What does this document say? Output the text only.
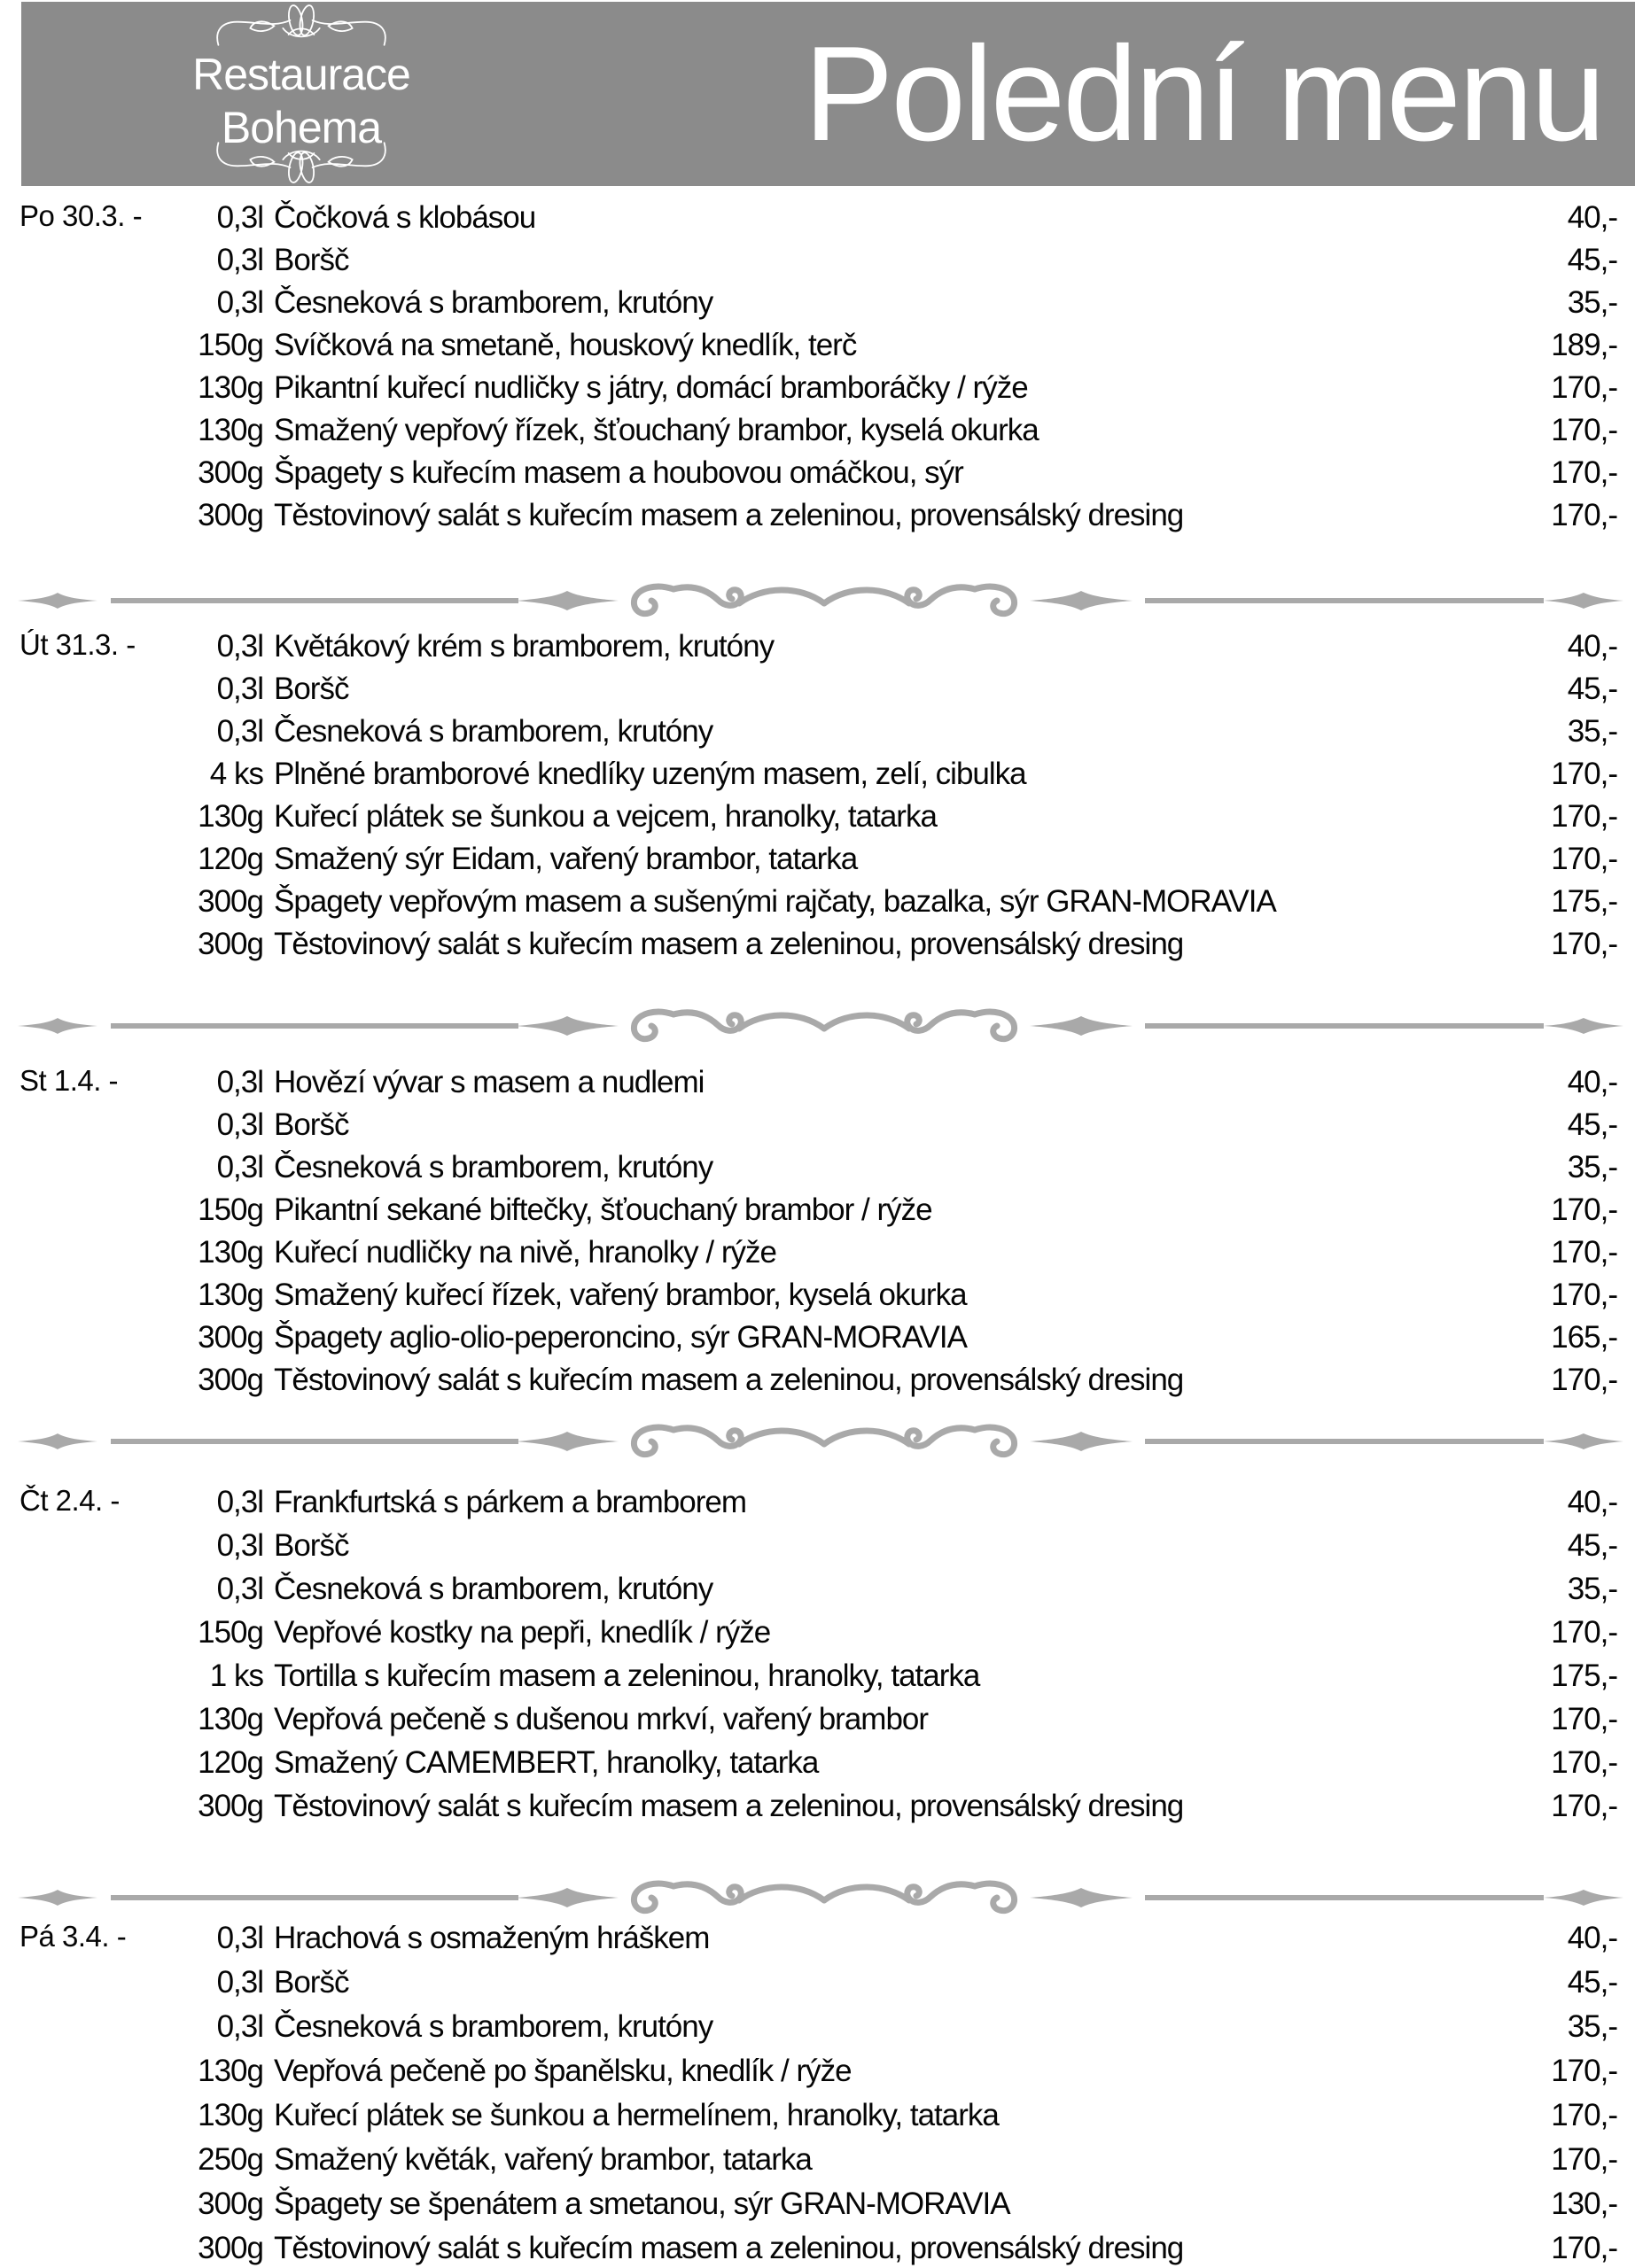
Restaurace
Bohema	Polední menu
Po 30.3. -	0,3l Čočková s klobásou	40,-
0,3l Boršč	45,-
0,3l Česneková s bramborem, krutóny	35,-
150g Svíčková na smetaně, houskový knedlík, terč	189,-
130g Pikantní kuřecí nudličky s játry, domácí bramboráčky / rýže	170,-
130g Smažený vepřový řízek, šťouchaný brambor, kyselá okurka	170,-
300g Špagety s kuřecím masem a houbovou omáčkou, sýr	170,-
300g Těstovinový salát s kuřecím masem a zeleninou, provensálský dresing	170,-
Út 31.3. -	0,3l Květákový krém s bramborem, krutóny	40,-
0,3l Boršč	45,-
0,3l Česneková s bramborem, krutóny	35,-
4 ks Plněné bramborové knedlíky uzeným masem, zelí, cibulka	170,-
130g Kuřecí plátek se šunkou a vejcem, hranolky, tatarka	170,-
120g Smažený sýr Eidam, vařený brambor, tatarka	170,-
300g Špagety vepřovým masem a sušenými rajčaty, bazalka, sýr GRAN-MORAVIA	175,-
300g Těstovinový salát s kuřecím masem a zeleninou, provensálský dresing	170,-
St 1.4. -	0,3l Hovězí vývar s masem a nudlemi	40,-
0,3l Boršč	45,-
0,3l Česneková s bramborem, krutóny	35,-
150g Pikantní sekané biftečky, šťouchaný brambor / rýže	170,-
130g Kuřecí nudličky na nivě, hranolky / rýže	170,-
130g Smažený kuřecí řízek, vařený brambor, kyselá okurka	170,-
300g Špagety aglio-olio-peperoncino, sýr GRAN-MORAVIA	165,-
300g Těstovinový salát s kuřecím masem a zeleninou, provensálský dresing	170,-
Čt 2.4. -	0,3l Frankfurtská s párkem a bramborem	40,-
0,3l Boršč	45,-
0,3l Česneková s bramborem, krutóny	35,-
150g Vepřové kostky na pepři, knedlík / rýže	170,-
1 ks Tortilla s kuřecím masem a zeleninou, hranolky, tatarka	175,-
130g Vepřová pečeně s dušenou mrkví, vařený brambor	170,-
120g Smažený CAMEMBERT, hranolky, tatarka	170,-
300g Těstovinový salát s kuřecím masem a zeleninou, provensálský dresing	170,-
Pá 3.4. -	0,3l Hrachová s osmaženým hráškem	40,-
0,3l Boršč	45,-
0,3l Česneková s bramborem, krutóny	35,-
130g Vepřová pečeně po španělsku, knedlík / rýže	170,-
130g Kuřecí plátek se šunkou a hermelínem, hranolky, tatarka	170,-
250g Smažený květák, vařený brambor, tatarka	170,-
300g Špagety se špenátem a smetanou, sýr GRAN-MORAVIA	130,-
300g Těstovinový salát s kuřecím masem a zeleninou, provensálský dresing	170,-
